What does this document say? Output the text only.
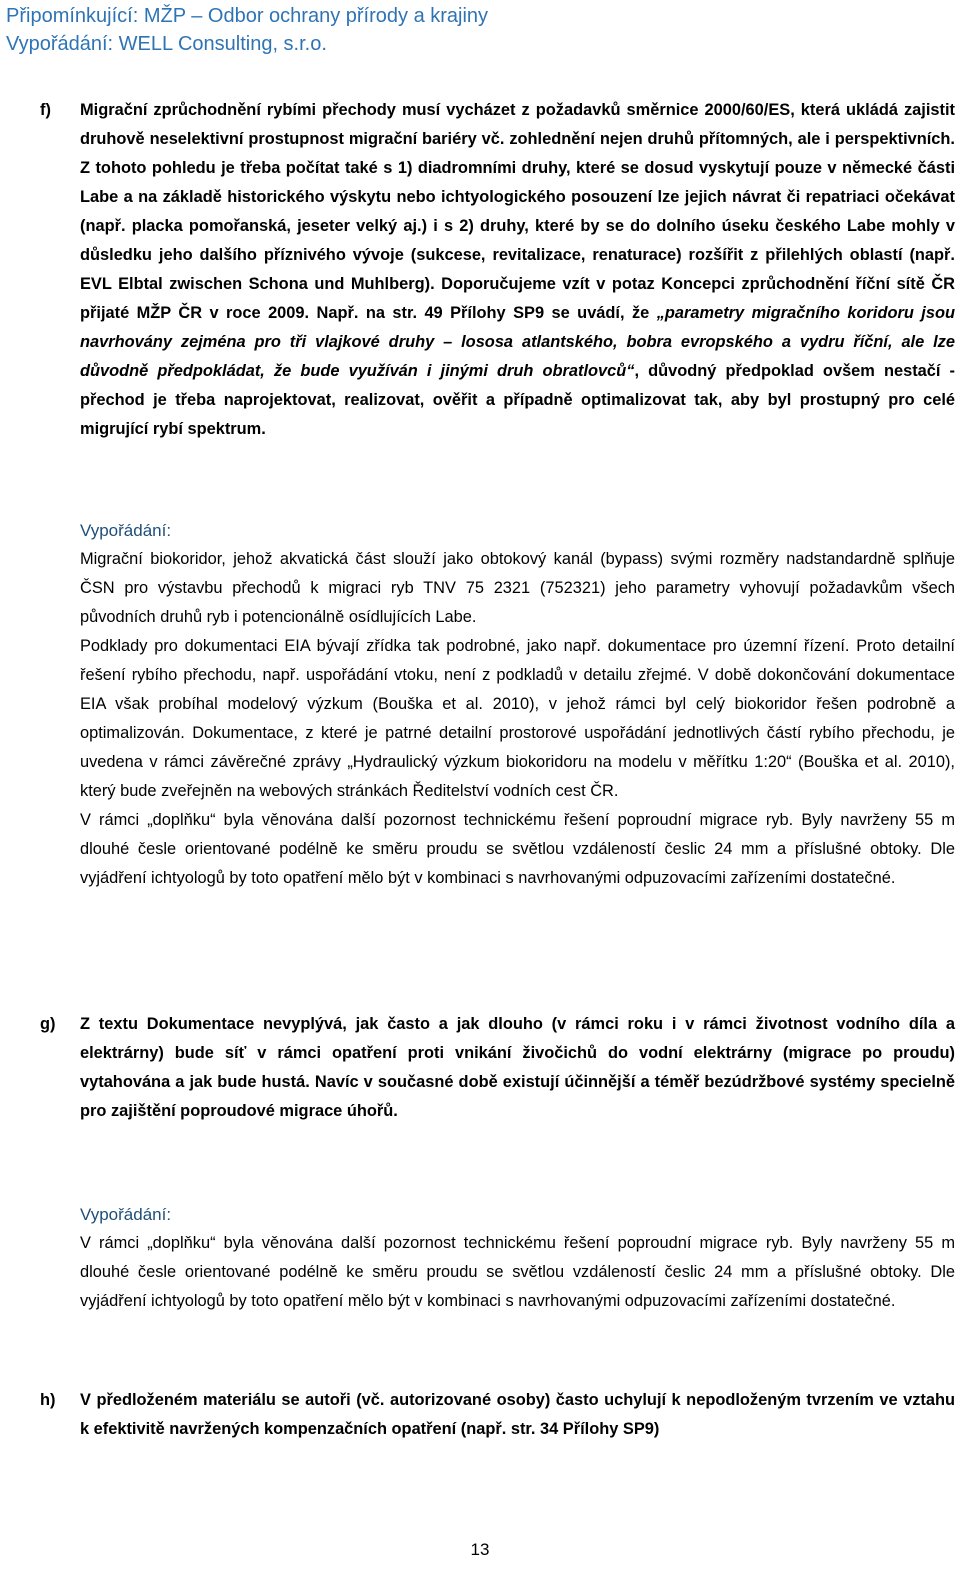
Připomínkující: MŽP – Odbor ochrany přírody a krajiny
Vypořádání: WELL Consulting, s.r.o.
f) Migrační zprůchodnění rybími přechody musí vycházet z požadavků směrnice 2000/60/ES, která ukládá zajistit druhově neselektivní prostupnost migrační bariéry vč. zohlednění nejen druhů přítomných, ale i perspektivních. Z tohoto pohledu je třeba počítat také s 1) diadromními druhy, které se dosud vyskytují pouze v německé části Labe a na základě historického výskytu nebo ichtyologického posouzení lze jejich návrat či repatriaci očekávat (např. placka pomořanská, jeseter velký aj.) i s 2) druhy, které by se do dolního úseku českého Labe mohly v důsledku jeho dalšího příznivého vývoje (sukcese, revitalizace, renaturace) rozšířit z přilehlých oblastí (např. EVL Elbtal zwischen Schona und Muhlberg). Doporučujeme vzít v potaz Koncepci zprůchodnění říční sítě ČR přijaté MŽP ČR v roce 2009. Např. na str. 49 Přílohy SP9 se uvádí, že „parametry migračního koridoru jsou navrhovány zejména pro tři vlajkové druhy – lososa atlantského, bobra evropského a vydru říční, ale lze důvodně předpokládat, že bude využíván i jinými druh obratlovců“, důvodný předpoklad ovšem nestačí - přechod je třeba naprojektovat, realizovat, ověřit a případně optimalizovat tak, aby byl prostupný pro celé migrující rybí spektrum.
Vypořádání:

Migrační biokoridor, jehož akvatická část slouží jako obtokový kanál (bypass) svými rozměry nadstandardně splňuje ČSN pro výstavbu přechodů k migraci ryb TNV 75 2321 (752321) jeho parametry vyhovují požadavkům všech původních druhů ryb i potencionálně osídlujících Labe.

Podklady pro dokumentaci EIA bývají zřídka tak podrobné, jako např. dokumentace pro územní řízení. Proto detailní řešení rybího přechodu, např. uspořádání vtoku, není z podkladů v detailu zřejmé. V době dokončování dokumentace EIA však probíhal modelový výzkum (Bouška et al. 2010), v jehož rámci byl celý biokoridor řešen podrobně a optimalizován. Dokumentace, z které je patrné detailní prostorové uspořádání jednotlivých částí rybího přechodu, je uvedena v rámci závěrečné zprávy „Hydraulický výzkum biokoridoru na modelu v měřítku 1:20“ (Bouška et al. 2010), který bude zveřejněn na webových stránkách Ředitelství vodních cest ČR.

V rámci „doplňku“ byla věnována další pozornost technickému řešení poproudní migrace ryb. Byly navrženy 55 m dlouhé česle orientované podélně ke směru proudu se světlou vzdáleností česlic 24 mm a příslušné obtoky. Dle vyjádření ichtyologů by toto opatření mělo být v kombinaci s navrhovanými odpuzovacími zařízeními dostatečné.

g) Z textu Dokumentace nevyplývá, jak často a jak dlouho (v rámci roku i v rámci životnost vodního díla a elektrárny) bude síť v rámci opatření proti vnikání živočichů do vodní elektrárny (migrace po proudu) vytahována a jak bude hustá. Navíc v současné době existují účinnější a téměř bezúdržbové systémy specielně pro zajištění poproudové migrace úhořů.
Vypořádání:

V rámci „doplňku“ byla věnována další pozornost technickému řešení poproudní migrace ryb. Byly navrženy 55 m dlouhé česle orientované podélně ke směru proudu se světlou vzdáleností česlic 24 mm a příslušné obtoky. Dle vyjádření ichtyologů by toto opatření mělo být v kombinaci s navrhovanými odpuzovacími zařízeními dostatečné.

h) V předloženém materiálu se autoři (vč. autorizované osoby) často uchylují k nepodloženým tvrzením ve vztahu k efektivitě navržených kompenzačních opatření (např. str. 34 Přílohy SP9)
13
